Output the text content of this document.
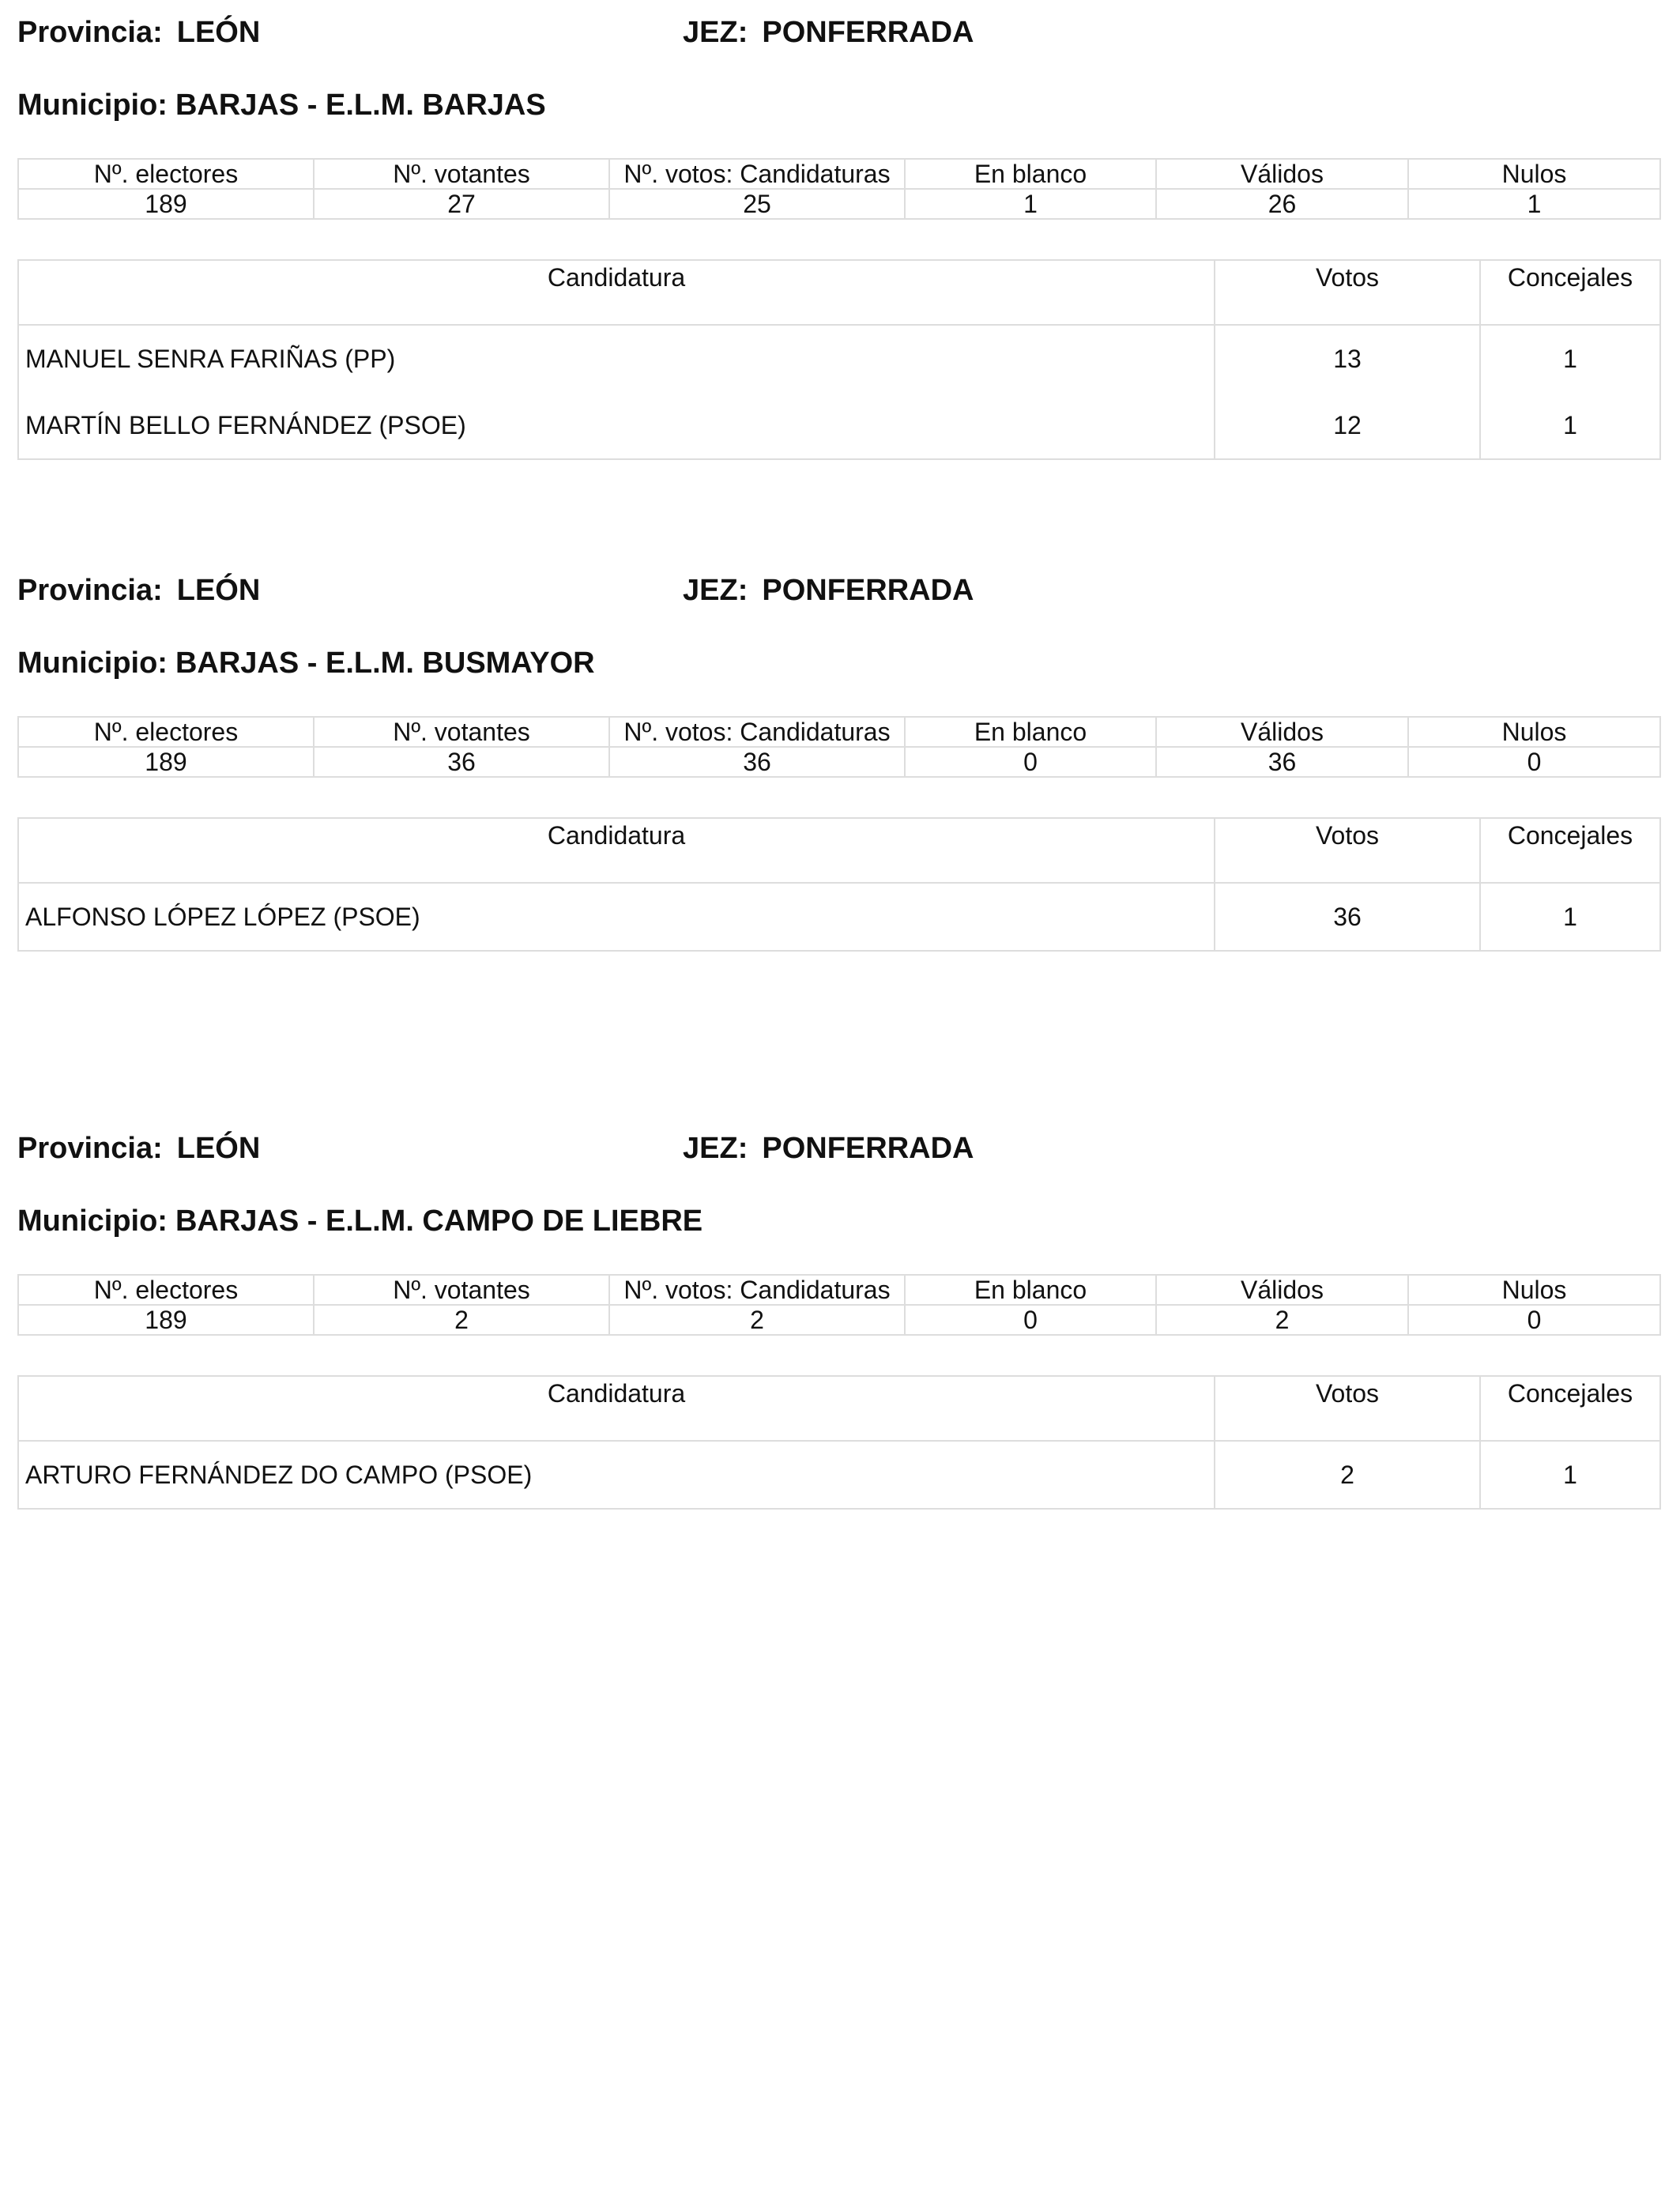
Provincia: LEÓN	JEZ: PONFERRADA
Municipio: BARJAS - E.L.M. BARJAS
Nº. electores	Nº. votantes	Nº. votos: Candidaturas	En blanco	Válidos	Nulos
189	27	25	1	26	1
Candidatura	Votos	Concejales
MANUEL SENRA FARIÑAS (PP)	13	1
MARTÍN BELLO FERNÁNDEZ (PSOE)	12	1
Provincia: LEÓN	JEZ: PONFERRADA
Municipio: BARJAS - E.L.M. BUSMAYOR
Nº. electores	Nº. votantes	Nº. votos: Candidaturas	En blanco	Válidos	Nulos
189	36	36	0	36	0
Candidatura	Votos	Concejales
ALFONSO LÓPEZ LÓPEZ (PSOE)	36	1
Provincia: LEÓN	JEZ: PONFERRADA
Municipio: BARJAS - E.L.M. CAMPO DE LIEBRE
Nº. electores	Nº. votantes	Nº. votos: Candidaturas	En blanco	Válidos	Nulos
189	2	2	0	2	0
Candidatura	Votos	Concejales
ARTURO FERNÁNDEZ DO CAMPO (PSOE)	2	1
